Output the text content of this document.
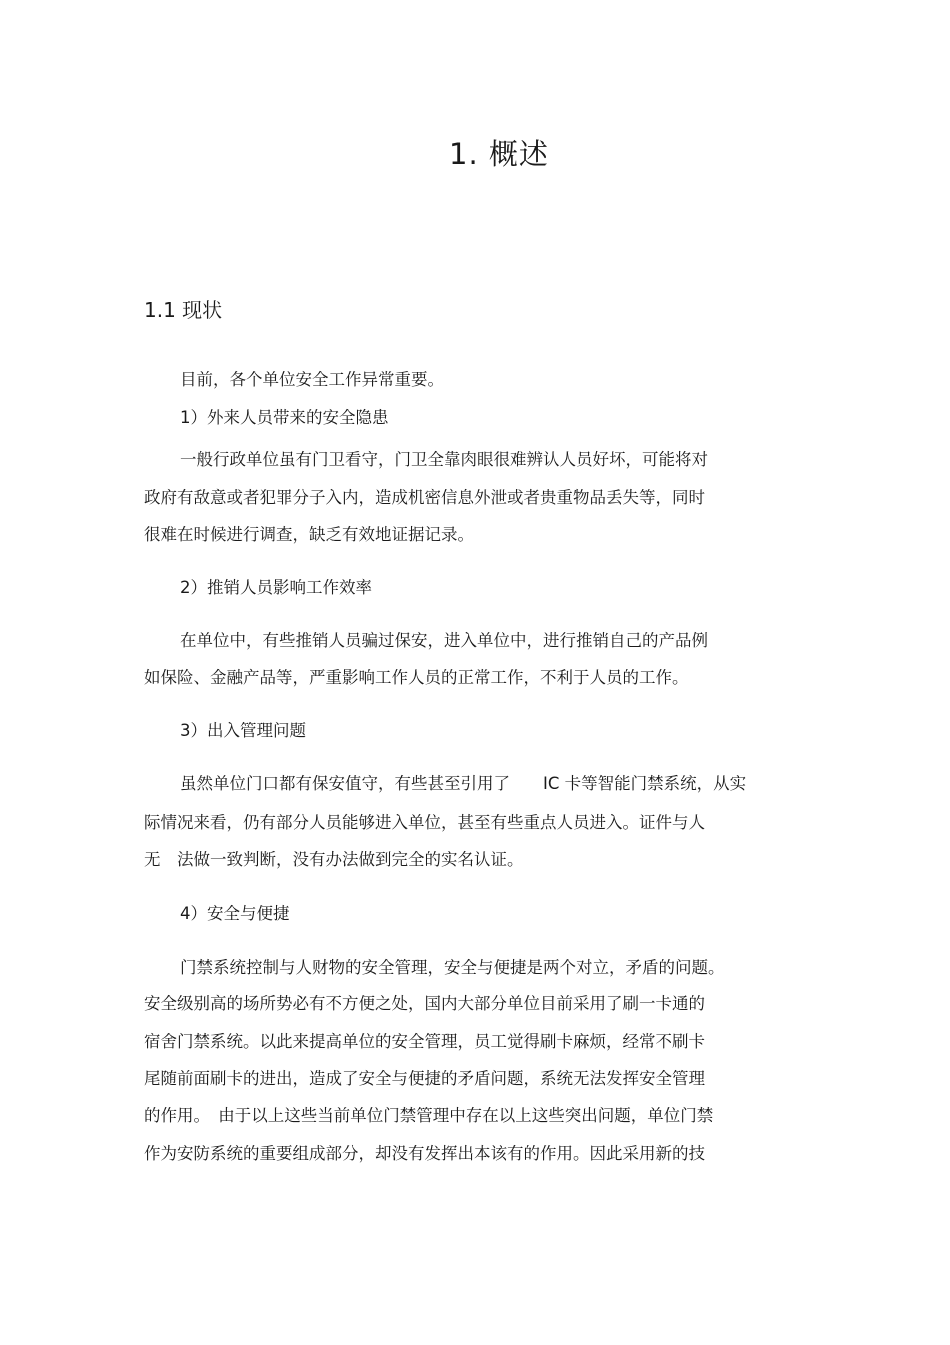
1. 概述
1.1 现状
目前，各个单位安全工作异常重要。
1）外来人员带来的安全隐患
一般行政单位虽有门卫看守，门卫全靠肉眼很难辨认人员好坏，可能将对
政府有敌意或者犯罪分子入内，造成机密信息外泄或者贵重物品丢失等，同时
很难在时候进行调查，缺乏有效地证据记录。
2）推销人员影响工作效率
在单位中，有些推销人员骗过保安，进入单位中，进行推销自己的产品例
如保险、金融产品等，严重影响工作人员的正常工作，不利于人员的工作。
3）出入管理问题
虽然单位门口都有保安值守，有些甚至引用了　　IC 卡等智能门禁系统，从实
际情况来看，仍有部分人员能够进入单位，甚至有些重点人员进入。证件与人
无　法做一致判断，没有办法做到完全的实名认证。
4）安全与便捷
门禁系统控制与人财物的安全管理，安全与便捷是两个对立，矛盾的问题。
安全级别高的场所势必有不方便之处，国内大部分单位目前采用了刷一卡通的
宿舍门禁系统。以此来提高单位的安全管理，员工觉得刷卡麻烦，经常不刷卡
尾随前面刷卡的进出，造成了安全与便捷的矛盾问题，系统无法发挥安全管理
的作用。　由于以上这些当前单位门禁管理中存在以上这些突出问题，单位门禁
作为安防系统的重要组成部分，却没有发挥出本该有的作用。因此采用新的技
